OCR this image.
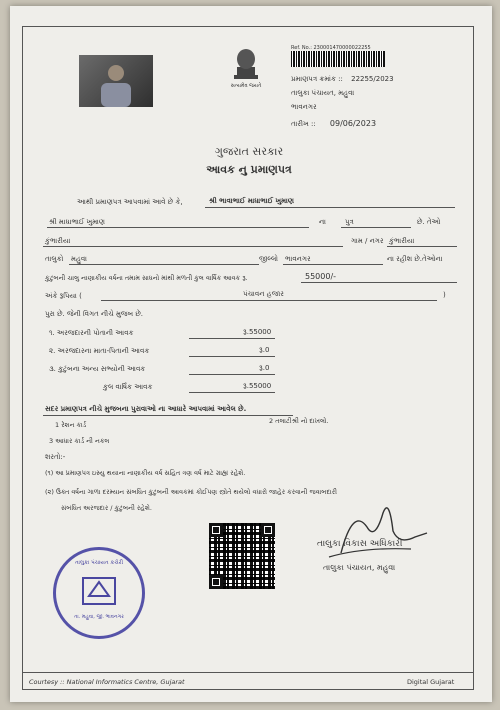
સત્યમેવ જયતે
Ref. No.: 230001470000022255
પ્રમાણપત્ર ક્રમાંક :: 22255/2023
તાલુકા પંચાયત, મહુવા
ભાવનગર
તારીખ :: 09/06/2023
ગુજરાત સરકાર
આવક નુ પ્રમાણપત્ર
આથી પ્રમાણપત્ર આપવામાં આવે છે કે,	શ્રી ભાવાભાઈ માધાભાઈ ખુમાણ
શ્રી માધાભાઈ ખુમાણ	ના	પુત્ર	છે. તેઓ
કુંભારીયા	ગામ / નગર કુંભારીયા
તાલુકો મહુવા	જીલ્લો ભાવનગર	ના રહીશ છે.તેઓના
કુટુંબની ચાલુ નાણાકીય વર્ષના તમામ સાધનો માંથી મળતી કુલ વાર્ષિક આવક રૂ.	55000/-
અંકે રૂપિયા (	પંચાવન હજાર	)
પુરા છે. જેની વિગત નીચે મુજબ છે.
૧. અરજદારની પોતાની આવક	રૂ.55000
૨. અરજદારના માતા-પિતાની આવક	રૂ.0
૩. કુટુંબના અન્ય સભ્યોની આવક	રૂ.0
કુલ વાર્ષિક આવક	રૂ.55000
સદર પ્રમાણપત્ર નીચે મુજબના પુરાવાઓ ના આધારે આપવામાં આવેલ છે.
1 રેશન કાર્ડ	2 તલાટીશ્રી નો દાખલો.
3 આધાર કાર્ડ ની નકલ
શરતો:-
(૧) આ પ્રમાણપત્ર ઇસ્યુ થયાના નાણાકીય વર્ષ સહિત ત્રણ વર્ષ માટે ગ્રાહ્ય રહેશે.
(૨) ઉક્ત વર્ષના ગાળા દરમ્યાન સંબધિત કુટુંબની આવકમાં કોઈપણ સ્ત્રોતે થયેલો વધારો જાહેર કરવાની જવાબદારી
સંબંધિત અરજદાર / કુટુંબની રહેશે.
તાલુકા પંચાયત કચેરી
તા. મહુવા, જી. ભાવનગર
તાલુકા વિકાસ અધિકારી
તાલુકા પંચાયત, મહુવા
Courtesy :: National Informatics Centre, Gujarat	Digital Gujarat
